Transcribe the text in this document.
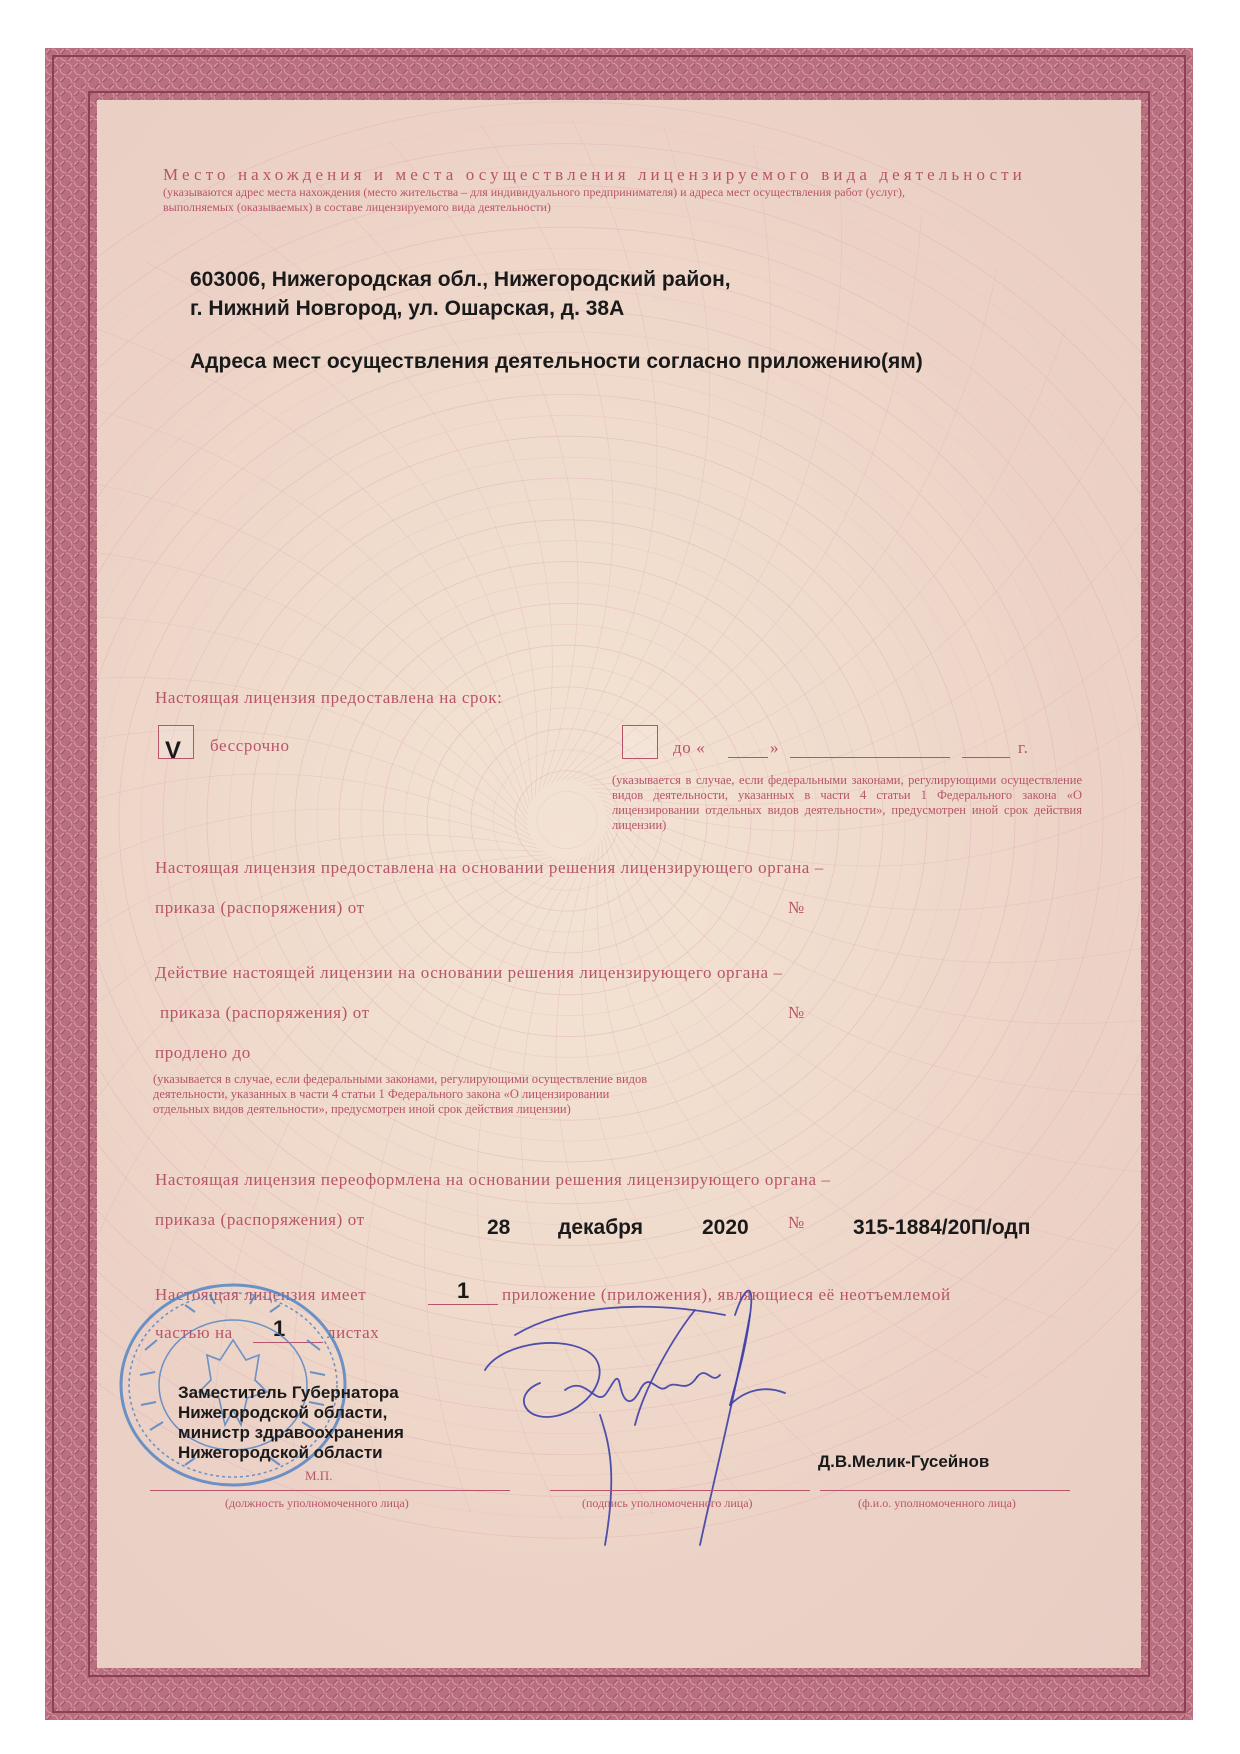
Место нахождения и места осуществления лицензируемого вида деятельности
(указываются адрес места нахождения (место жительства – для индивидуального предпринимателя) и адреса мест осуществления работ (услуг),
выполняемых (оказываемых) в составе лицензируемого вида деятельности)
603006, Нижегородская обл., Нижегородский район,
г. Нижний Новгород, ул. Ошарская, д. 38А
Адреса мест осуществления деятельности согласно приложению(ям)
Настоящая лицензия предоставлена на срок:
V бессрочно	до «	»	г.
(указывается в случае, если федеральными законами, регулирующими осуществление видов деятельности, указанных в части 4 статьи 1 Федерального закона «О лицензировании отдельных видов деятельности», предусмотрен иной срок действия лицензии)
Настоящая лицензия предоставлена на основании решения лицензирующего органа –
приказа (распоряжения) от	№
Действие настоящей лицензии на основании решения лицензирующего органа –
приказа (распоряжения) от	№
продлено до
(указывается в случае, если федеральными законами, регулирующими осуществление видов
деятельности, указанных в части 4 статьи 1 Федерального закона «О лицензировании
отдельных видов деятельности», предусмотрен иной срок действия лицензии)
Настоящая лицензия переоформлена на основании решения лицензирующего органа –
приказа (распоряжения) от	28 декабря	2020 № 315-1884/20П/одп
Настоящая лицензия имеет	1 приложение (приложения), являющиеся её неотъемлемой
частью на 1 листах
М.П.
Заместитель Губернатора
Нижегородской области,
министр здравоохранения
Нижегородской области	Д.В.Мелик-Гусейнов
(должность уполномоченного лица)	(подпись уполномоченного лица)	(ф.и.о. уполномоченного лица)
